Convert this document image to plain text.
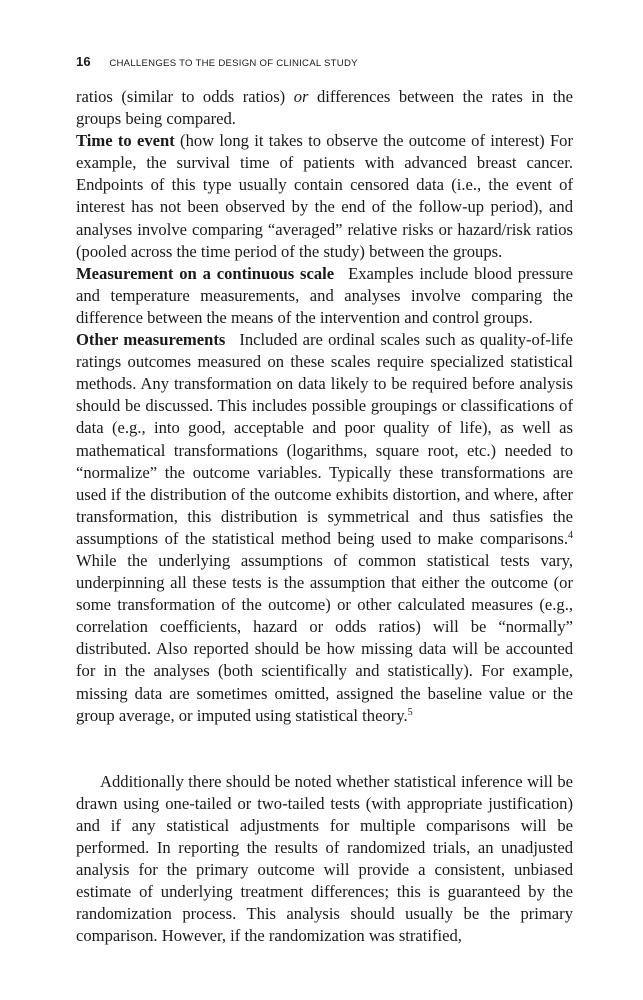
16 CHALLENGES TO THE DESIGN OF CLINICAL STUDY

ratios (similar to odds ratios) or differences between the rates in the groups being compared.

Time to event (how long it takes to observe the outcome of interest) For example, the survival time of patients with advanced breast cancer. Endpoints of this type usually contain censored data (i.e., the event of interest has not been observed by the end of the follow-up period), and analyses involve comparing “averaged” relative risks or hazard/risk ratios (pooled across the time period of the study) between the groups.

Measurement on a continuous scale Examples include blood pressure and temperature measurements, and analyses involve comparing the difference between the means of the intervention and control groups.

Other measurements Included are ordinal scales such as quality-of-life ratings outcomes measured on these scales require specialized statistical methods. Any transformation on data likely to be required before analysis should be discussed. This includes possible groupings or classifications of data (e.g., into good, acceptable and poor quality of life), as well as mathematical transformations (logarithms, square root, etc.) needed to “normalize” the outcome variables. Typically these transformations are used if the distribution of the outcome exhibits distortion, and where, after transformation, this distribution is symmetrical and thus satisfies the assumptions of the statistical method being used to make comparisons.$^4$ While the underlying assumptions of common statistical tests vary, underpinning all these tests is the assumption that either the outcome (or some transformation of the outcome) or other calculated measures (e.g., correlation coefficients, hazard or odds ratios) will be “normally” distributed. Also reported should be how missing data will be accounted for in the analyses (both scientifically and statistically). For example, missing data are sometimes omitted, assigned the baseline value or the group average, or imputed using statistical theory.$^5$

Additionally there should be noted whether statistical inference will be drawn using one-tailed or two-tailed tests (with appropriate justification) and if any statistical adjustments for multiple comparisons will be performed. In reporting the results of randomized trials, an unadjusted analysis for the primary outcome will provide a consistent, unbiased estimate of underlying treatment differences; this is guaranteed by the randomization process. This analysis should usually be the primary comparison. However, if the randomization was stratified,
